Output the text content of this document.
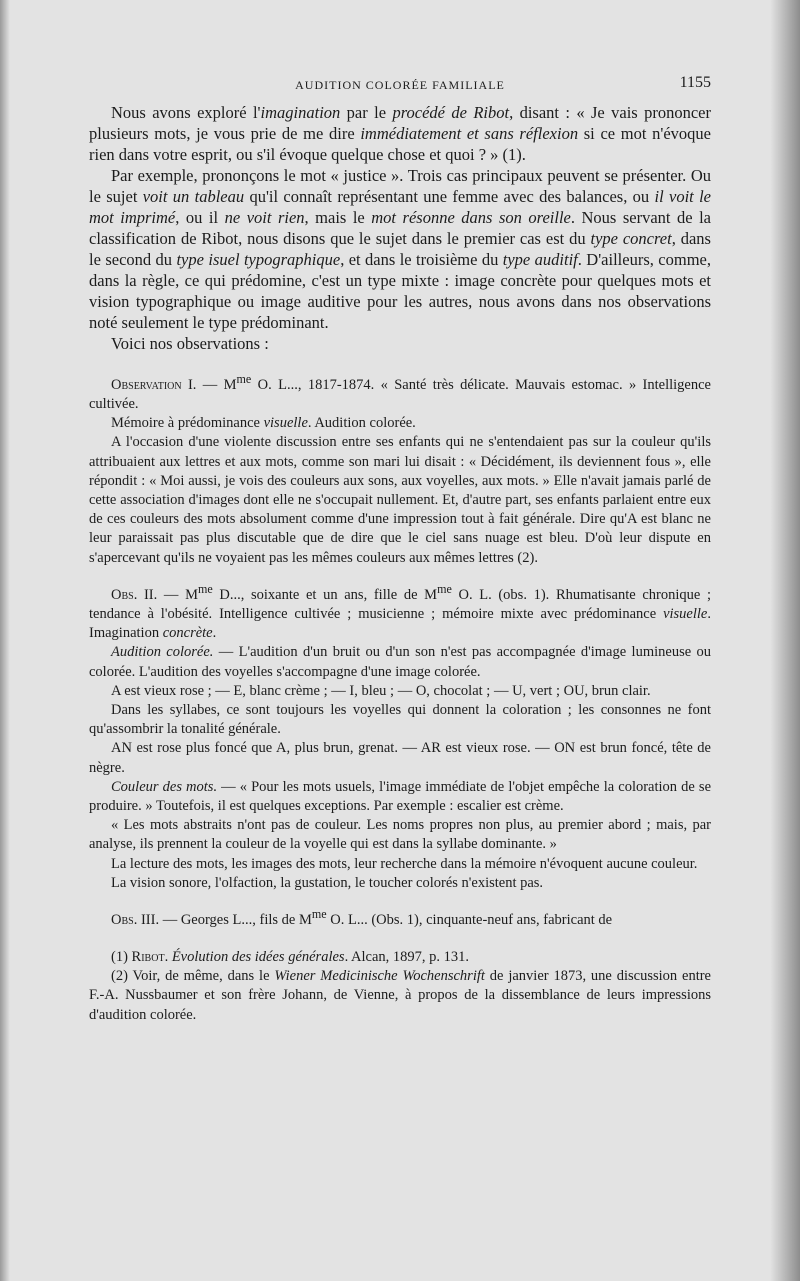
AUDITION COLORÉE FAMILIALE	1155

Nous avons exploré l'imagination par le procédé de Ribot, disant : « Je vais prononcer plusieurs mots, je vous prie de me dire immédiatement et sans réflexion si ce mot n'évoque rien dans votre esprit, ou s'il évoque quelque chose et quoi ? » (1).

Par exemple, prononçons le mot « justice ». Trois cas principaux peuvent se présenter. Ou le sujet voit un tableau qu'il connaît représentant une femme avec des balances, ou il voit le mot imprimé, ou il ne voit rien, mais le mot résonne dans son oreille. Nous servant de la classification de Ribot, nous disons que le sujet dans le premier cas est du type concret, dans le second du type isuel typographique, et dans le troisième du type auditif. D'ailleurs, comme, dans la règle, ce qui prédomine, c'est un type mixte : image concrète pour quelques mots et vision typographique ou image auditive pour les autres, nous avons dans nos observations noté seulement le type prédominant.

Voici nos observations :

Observation I. — $M^{me}$ O. L..., 1817-1874. « Santé très délicate. Mauvais estomac. » Intelligence cultivée.

Mémoire à prédominance visuelle. Audition colorée.

A l'occasion d'une violente discussion entre ses enfants qui ne s'entendaient pas sur la couleur qu'ils attribuaient aux lettres et aux mots, comme son mari lui disait : « Décidément, ils deviennent fous », elle répondit : « Moi aussi, je vois des couleurs aux sons, aux voyelles, aux mots. » Elle n'avait jamais parlé de cette association d'images dont elle ne s'occupait nullement. Et, d'autre part, ses enfants parlaient entre eux de ces couleurs des mots absolument comme d'une impression tout à fait générale. Dire qu'A est blanc ne leur paraissait pas plus discutable que de dire que le ciel sans nuage est bleu. D'où leur dispute en s'apercevant qu'ils ne voyaient pas les mêmes couleurs aux mêmes lettres (2).

Obs. II. — $M^{me}$ D..., soixante et un ans, fille de $M^{me}$ O. L. (obs. 1). Rhumatisante chronique ; tendance à l'obésité. Intelligence cultivée ; musicienne ; mémoire mixte avec prédominance visuelle. Imagination concrète.

Audition colorée. — L'audition d'un bruit ou d'un son n'est pas accompagnée d'image lumineuse ou colorée. L'audition des voyelles s'accompagne d'une image colorée.

A est vieux rose ; — E, blanc crème ; — I, bleu ; — O, chocolat ; — U, vert ; OU, brun clair.

Dans les syllabes, ce sont toujours les voyelles qui donnent la coloration ; les consonnes ne font qu'assombrir la tonalité générale.

AN est rose plus foncé que A, plus brun, grenat. — AR est vieux rose. — ON est brun foncé, tête de nègre.

Couleur des mots. — « Pour les mots usuels, l'image immédiate de l'objet empêche la coloration de se produire. » Toutefois, il est quelques exceptions. Par exemple : escalier est crème.

« Les mots abstraits n'ont pas de couleur. Les noms propres non plus, au premier abord ; mais, par analyse, ils prennent la couleur de la voyelle qui est dans la syllabe dominante. »

La lecture des mots, les images des mots, leur recherche dans la mémoire n'évoquent aucune couleur.

La vision sonore, l'olfaction, la gustation, le toucher colorés n'existent pas.

Obs. III. — Georges L..., fils de $M^{me}$ O. L... (Obs. 1), cinquante-neuf ans, fabricant de

(1) Ribot. Évolution des idées générales. Alcan, 1897, p. 131.

(2) Voir, de même, dans le Wiener Medicinische Wochenschrift de janvier 1873, une discussion entre F.-A. Nussbaumer et son frère Johann, de Vienne, à propos de la dissemblance de leurs impressions d'audition colorée.
